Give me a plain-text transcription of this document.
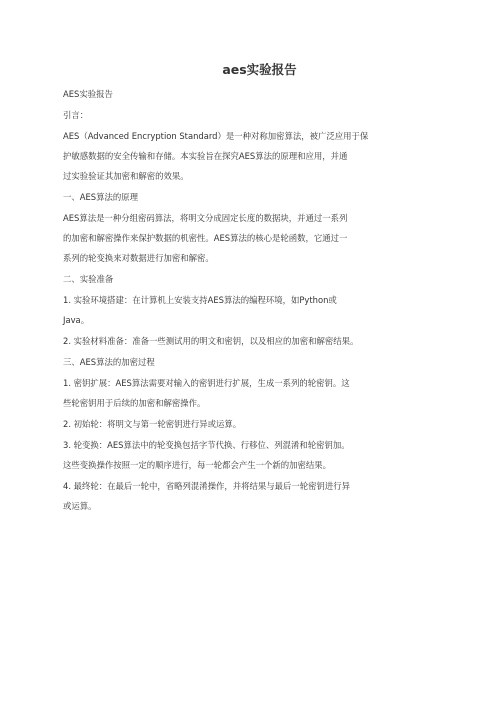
aes实验报告
AES实验报告
引言：
AES（Advanced Encryption Standard）是一种对称加密算法，被广泛应用于保
护敏感数据的安全传输和存储。本实验旨在探究AES算法的原理和应用，并通
过实验验证其加密和解密的效果。
一、AES算法的原理
AES算法是一种分组密码算法，将明文分成固定长度的数据块，并通过一系列
的加密和解密操作来保护数据的机密性。AES算法的核心是轮函数，它通过一
系列的轮变换来对数据进行加密和解密。
二、实验准备
1. 实验环境搭建：在计算机上安装支持AES算法的编程环境，如Python或
Java。
2. 实验材料准备：准备一些测试用的明文和密钥，以及相应的加密和解密结果。
三、AES算法的加密过程
1. 密钥扩展：AES算法需要对输入的密钥进行扩展，生成一系列的轮密钥。这
些轮密钥用于后续的加密和解密操作。
2. 初始轮：将明文与第一轮密钥进行异或运算。
3. 轮变换：AES算法中的轮变换包括字节代换、行移位、列混淆和轮密钥加。
这些变换操作按照一定的顺序进行，每一轮都会产生一个新的加密结果。
4. 最终轮：在最后一轮中，省略列混淆操作，并将结果与最后一轮密钥进行异
或运算。
